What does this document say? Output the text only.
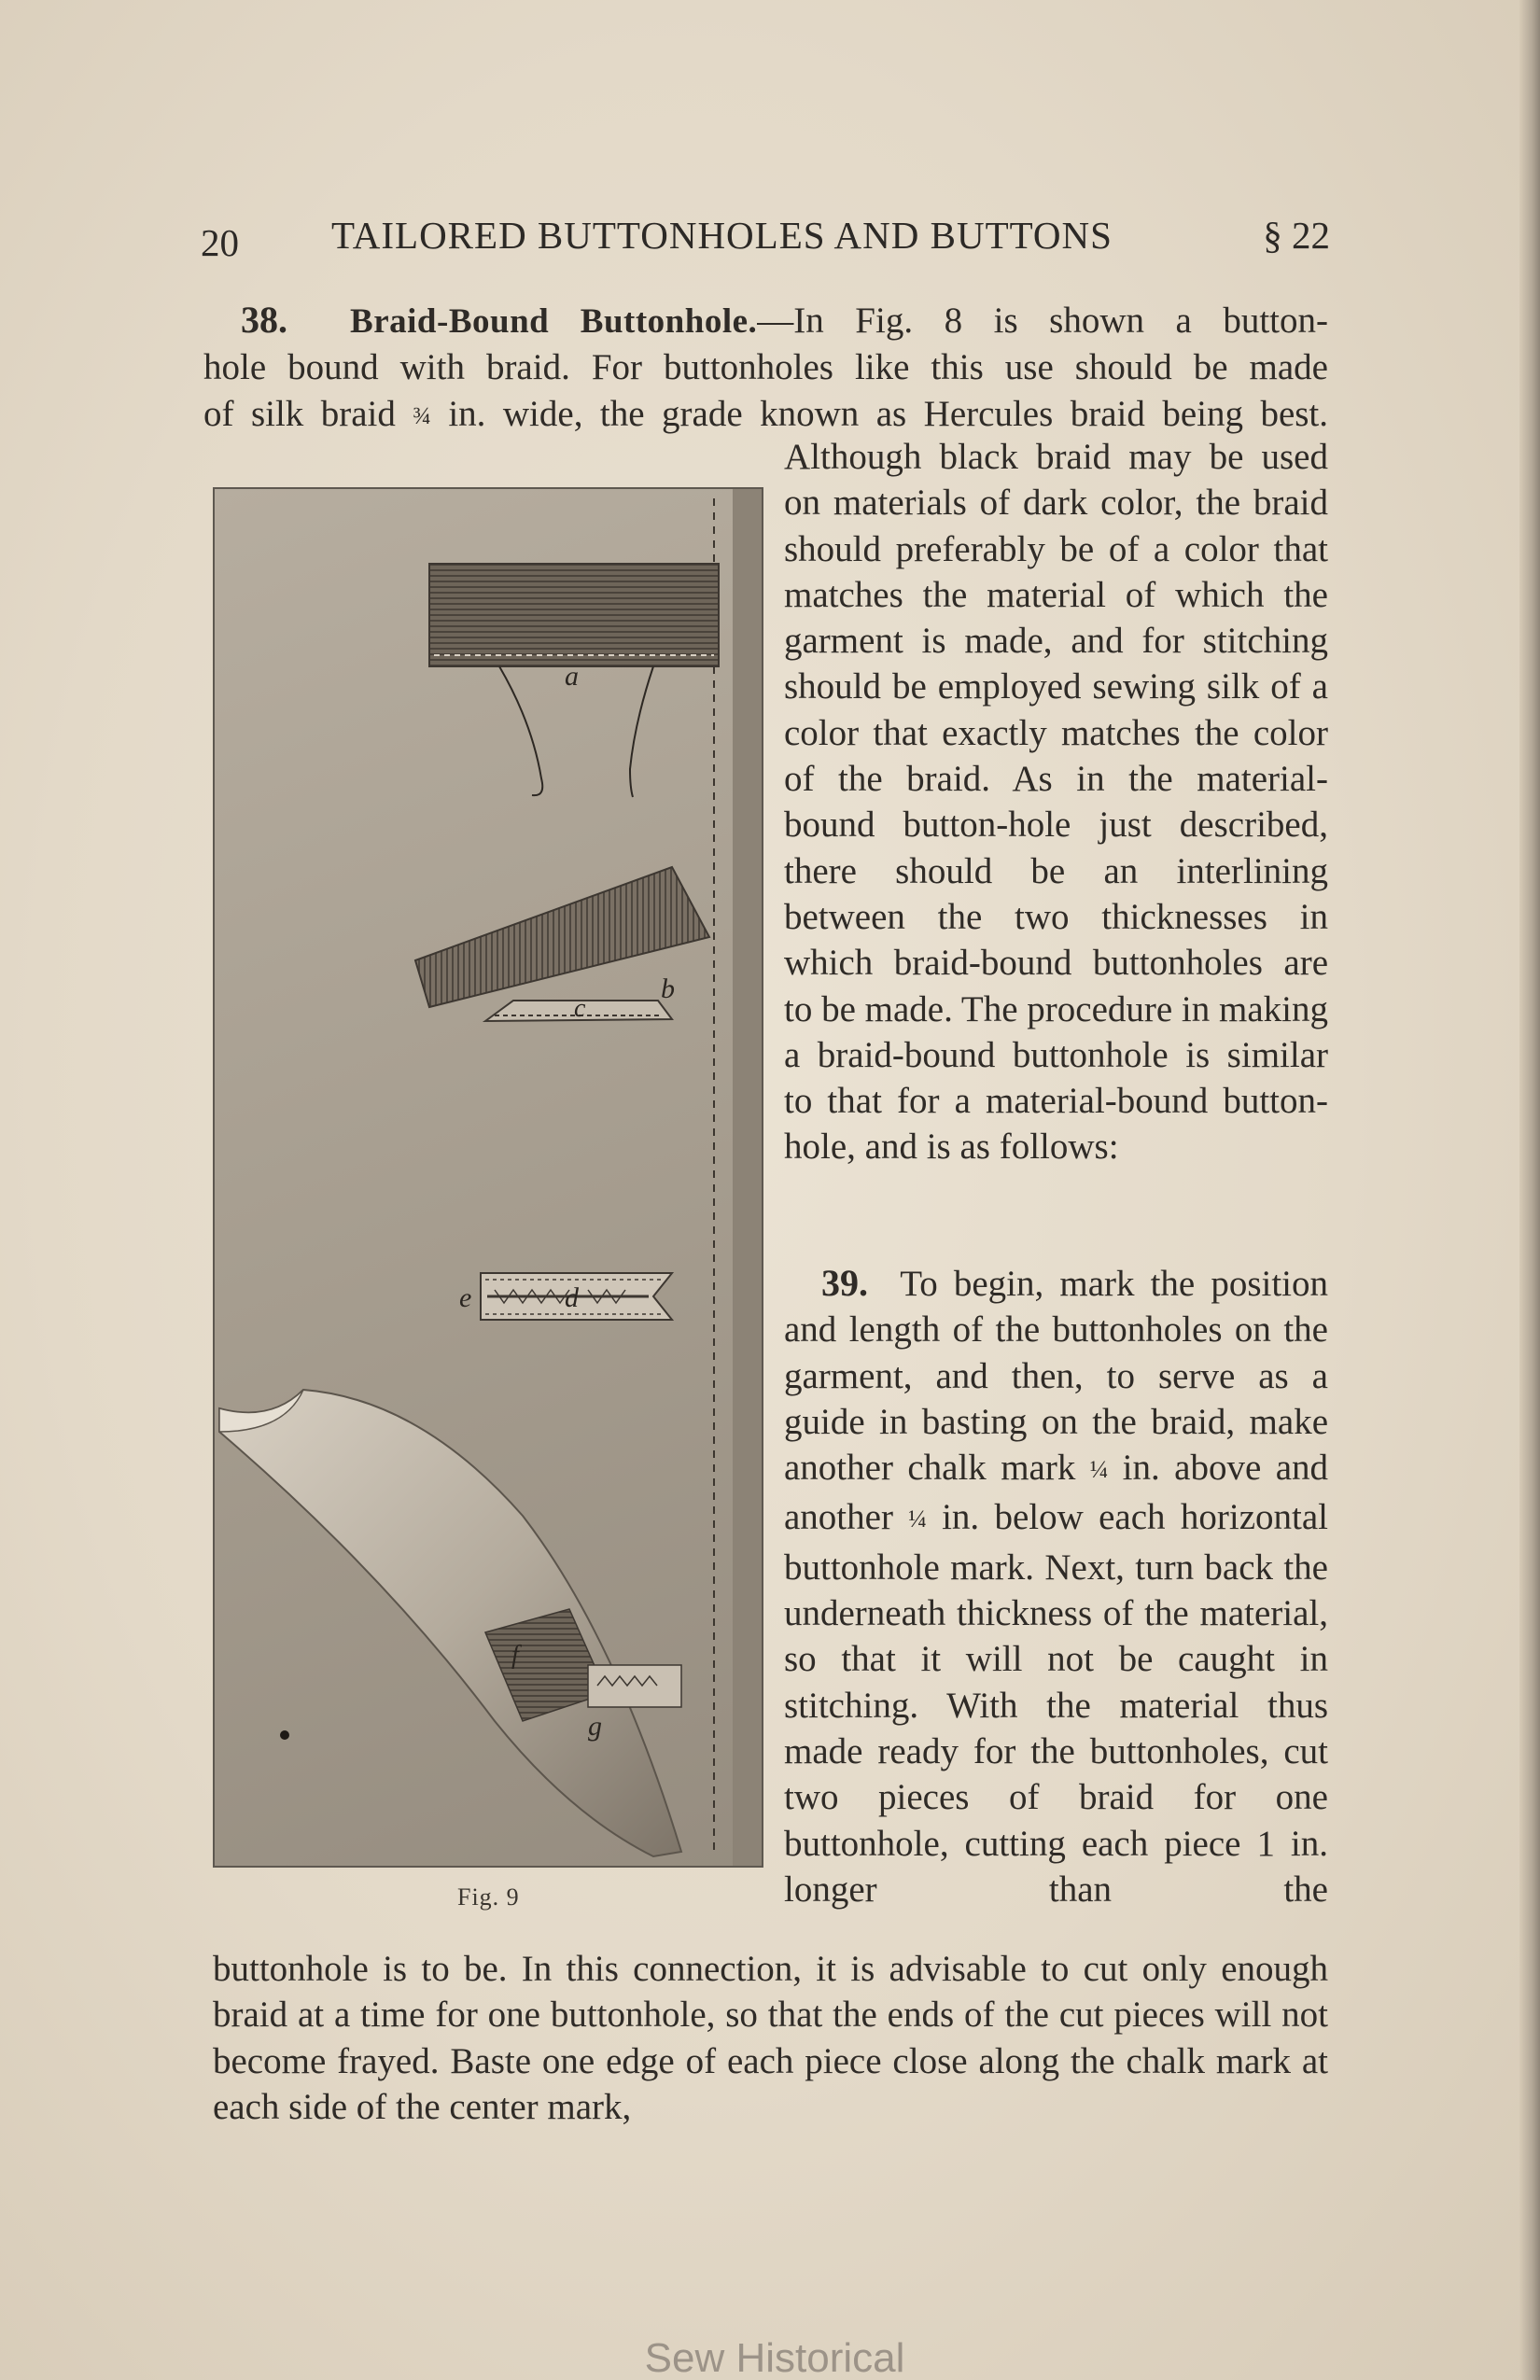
20 TAILORED BUTTONHOLES AND BUTTONS	§ 22
38. Braid-Bound Buttonhole.—In Fig. 8 is shown a button-
hole bound with braid. For buttonholes like this use should be made
of silk braid ¾ in. wide, the grade known as Hercules braid being best.
Although black braid may be used on materials of dark color, the braid should preferably be of a color that matches the material of which the garment is made, and for stitching should be employed sewing silk of a color that exactly matches the color of the braid. As in the material-bound button-hole just described, there should be an interlining between the two thicknesses in which braid-bound buttonholes are to be made. The procedure in making a braid-bound buttonhole is similar to that for a material-bound button-hole, and is as follows:
39. To begin, mark the position and length of the buttonholes on the garment, and then, to serve as a guide in basting on the braid, make another chalk mark ¼ in. above and another ¼ in. below each horizontal buttonhole mark. Next, turn back the underneath thickness of the material, so that it will not be caught in stitching. With the material thus made ready for the buttonholes, cut two pieces of braid for one buttonhole, cutting each piece 1 in. longer than the
buttonhole is to be. In this connection, it is advisable to cut only enough braid at a time for one buttonhole, so that the ends of the cut pieces will not become frayed. Baste one edge of each piece close along the chalk mark at each side of the center mark,
a
b
c
e	d
f
g
Fig. 9
Sew Historical
